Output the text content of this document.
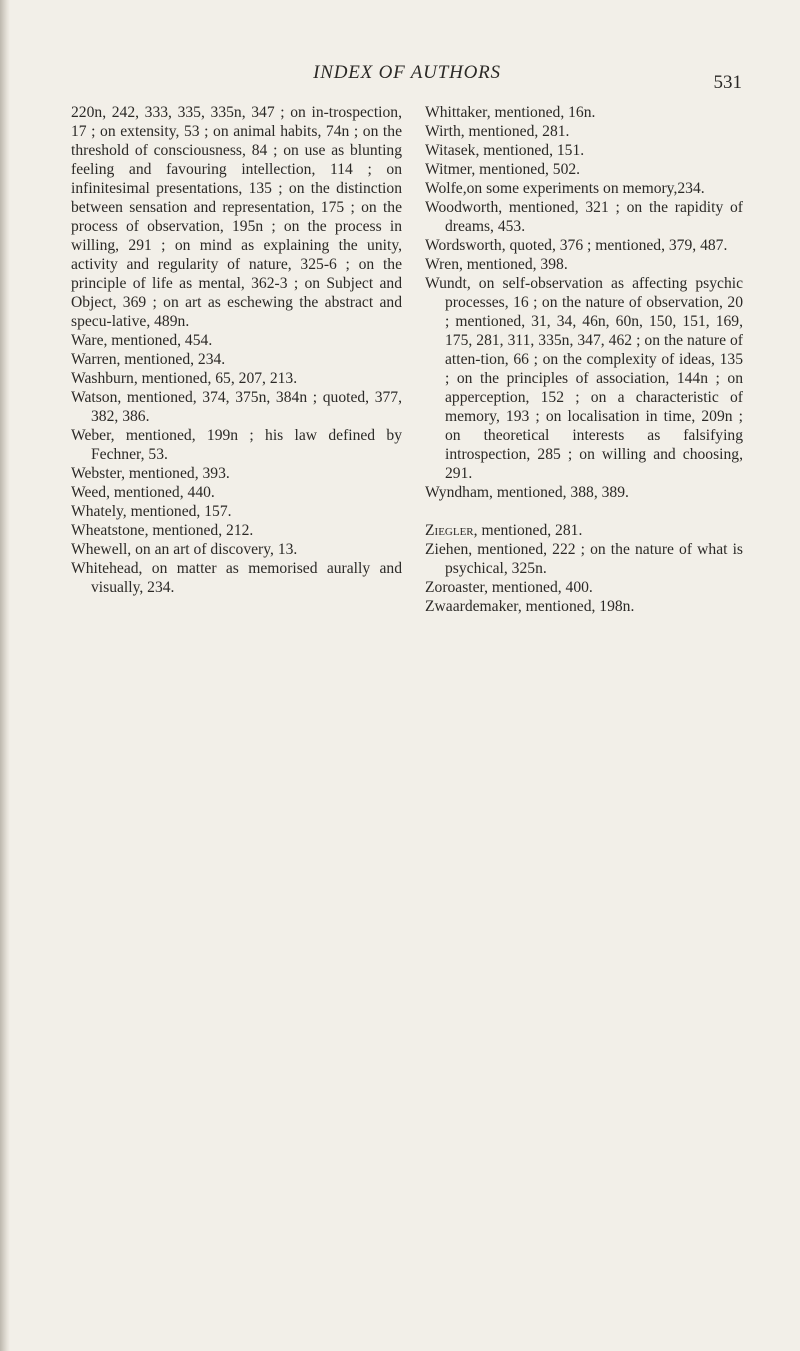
INDEX OF AUTHORS	531

220n, 242, 333, 335, 335n, 347 ; on in-trospection, 17 ; on extensity, 53 ; on animal habits, 74n ; on the threshold of consciousness, 84 ; on use as blunting feeling and favouring intellection, 114 ; on infinitesimal presentations, 135 ; on the distinction between sensation and representation, 175 ; on the process of observation, 195n ; on the process in willing, 291 ; on mind as explaining the unity, activity and regularity of nature, 325-6 ; on the principle of life as mental, 362-3 ; on Subject and Object, 369 ; on art as eschewing the abstract and specu-lative, 489n.

Ware, mentioned, 454.

Warren, mentioned, 234.

Washburn, mentioned, 65, 207, 213.

Watson, mentioned, 374, 375n, 384n ; quoted, 377, 382, 386.

Weber, mentioned, 199n ; his law defined by Fechner, 53.

Webster, mentioned, 393.

Weed, mentioned, 440.

Whately, mentioned, 157.

Wheatstone, mentioned, 212.

Whewell, on an art of discovery, 13.

Whitehead, on matter as memorised aurally and visually, 234.

Whittaker, mentioned, 16n.

Wirth, mentioned, 281.

Witasek, mentioned, 151.

Witmer, mentioned, 502.

Wolfe,on some experiments on memory,234.

Woodworth, mentioned, 321 ; on the rapidity of dreams, 453.

Wordsworth, quoted, 376 ; mentioned, 379, 487.

Wren, mentioned, 398.

Wundt, on self-observation as affecting psychic processes, 16 ; on the nature of observation, 20 ; mentioned, 31, 34, 46n, 60n, 150, 151, 169, 175, 281, 311, 335n, 347, 462 ; on the nature of atten-tion, 66 ; on the complexity of ideas, 135 ; on the principles of association, 144n ; on apperception, 152 ; on a characteristic of memory, 193 ; on localisation in time, 209n ; on theoretical interests as falsifying introspection, 285 ; on willing and choosing, 291.

Wyndham, mentioned, 388, 389.

Ziegler, mentioned, 281.

Ziehen, mentioned, 222 ; on the nature of what is psychical, 325n.

Zoroaster, mentioned, 400.

Zwaardemaker, mentioned, 198n.
